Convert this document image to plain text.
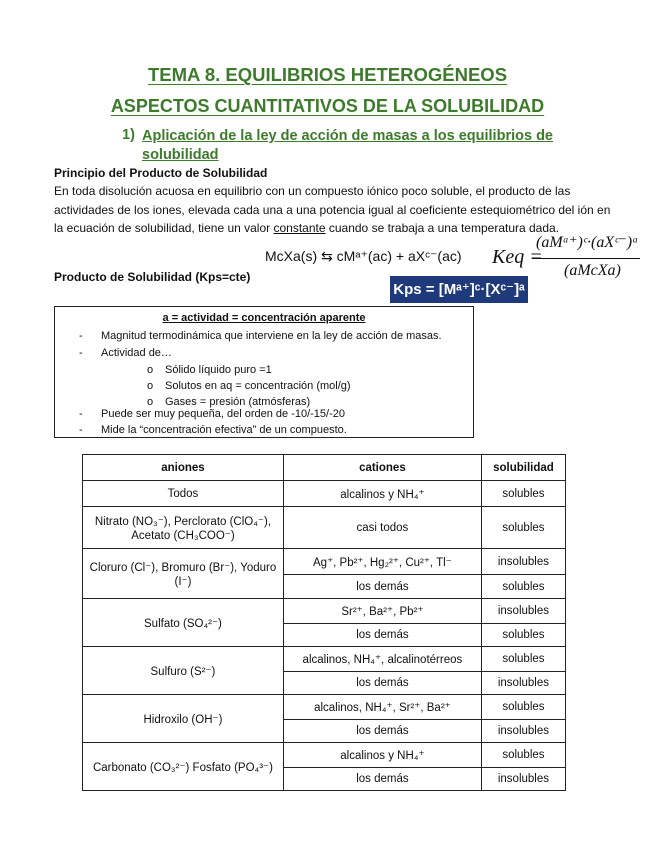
TEMA 8. EQUILIBRIOS HETEROGÉNEOS
ASPECTOS CUANTITATIVOS DE LA SOLUBILIDAD
1) Aplicación de la ley de acción de masas a los equilibrios de solubilidad
Principio del Producto de Solubilidad
En toda disolución acuosa en equilibrio con un compuesto iónico poco soluble, el producto de las actividades de los iones, elevada cada una a una potencia igual al coeficiente estequiométrico del ión en la ecuación de solubilidad, tiene un valor constante cuando se trabaja a una temperatura dada.
McXa(s) ⇆ cMᵃ⁺(ac) + aXᶜ⁻(ac)
Producto de Solubilidad (Kps=cte)
Kps = [Mᵃ⁺]ᶜ·[Xᶜ⁻]ᵃ
Keq =
(aMᵃ⁺)ᶜ·(aXᶜ⁻)ᵃ
(aMcXa)
a = actividad = concentración aparente
- Magnitud termodinámica que interviene en la ley de acción de masas.
- Actividad de…
o Sólido líquido puro =1
o Solutos en aq = concentración (mol/g)
o Gases = presión (atmósferas)
- Puede ser muy pequeña, del orden de -10/-15/-20
- Mide la “concentración efectiva” de un compuesto.
aniones	cationes	solubilidad
Todos	alcalinos y NH₄⁺	solubles
Nitrato (NO₃⁻), Perclorato (ClO₄⁻), Acetato (CH₃COO⁻)	casi todos	solubles
Cloruro (Cl⁻), Bromuro (Br⁻), Yoduro (I⁻)	Ag⁺, Pb²⁺, Hg₂²⁺, Cu²⁺, Tl⁻	insolubles
	los demás	solubles
Sulfato (SO₄²⁻)	Sr²⁺, Ba²⁺, Pb²⁺	insolubles
	los demás	solubles
Sulfuro (S²⁻)	alcalinos, NH₄⁺, alcalinotérreos	solubles
	los demás	insolubles
Hidroxilo (OH⁻)	alcalinos, NH₄⁺, Sr²⁺, Ba²⁺	solubles
	los demás	insolubles
Carbonato (CO₃²⁻) Fosfato (PO₄³⁻)	alcalinos y NH₄⁺	solubles
	los demás	insolubles
